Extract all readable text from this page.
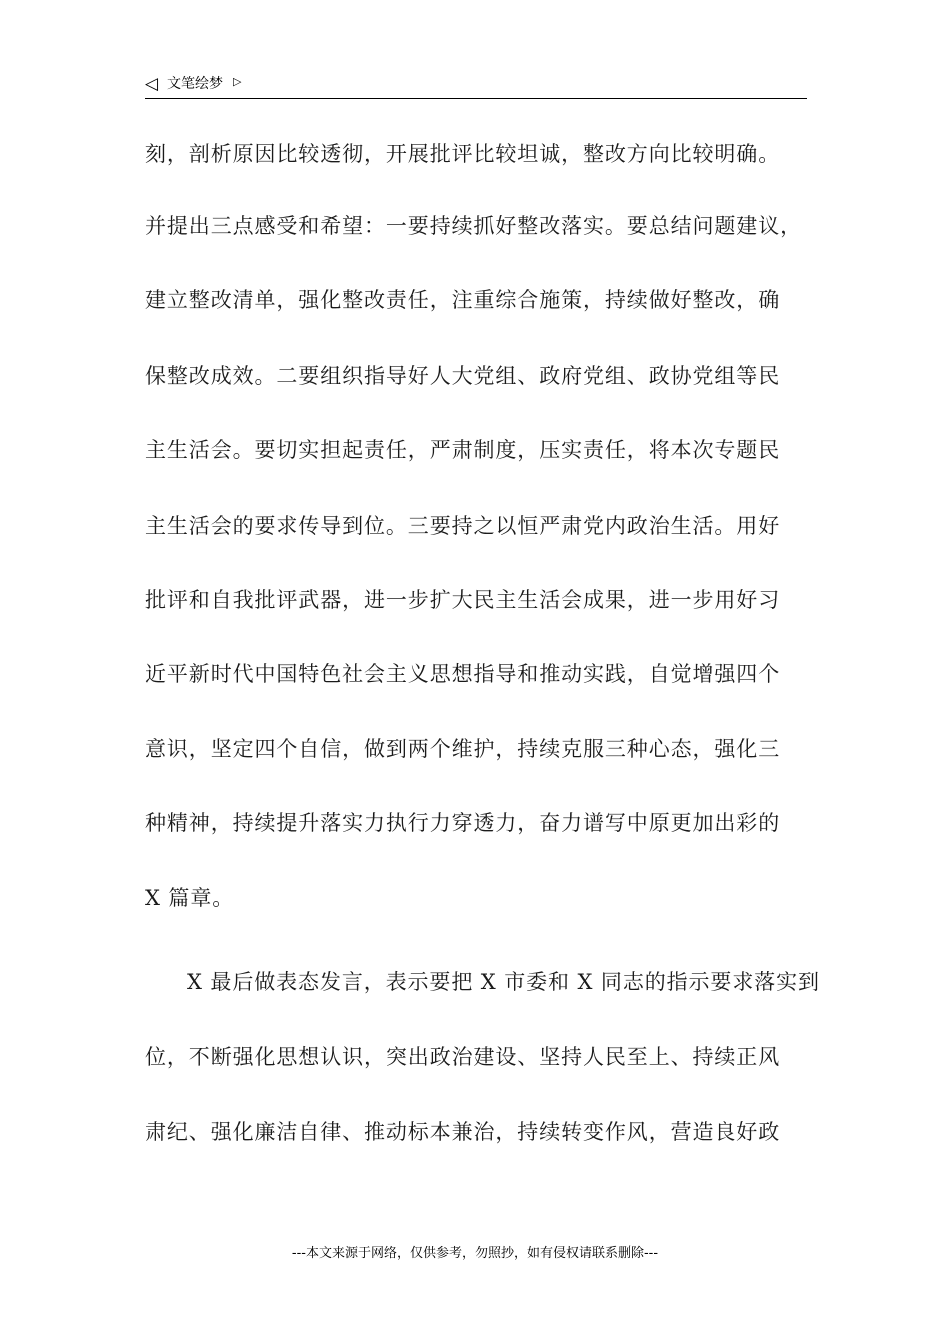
◁ 文笔绘梦 ▷
刻，剖析原因比较透彻，开展批评比较坦诚，整改方向比较明确。
并提出三点感受和希望：一要持续抓好整改落实。要总结问题建议，
建立整改清单，强化整改责任，注重综合施策，持续做好整改，确
保整改成效。二要组织指导好人大党组、政府党组、政协党组等民
主生活会。要切实担起责任，严肃制度，压实责任，将本次专题民
主生活会的要求传导到位。三要持之以恒严肃党内政治生活。用好
批评和自我批评武器，进一步扩大民主生活会成果，进一步用好习
近平新时代中国特色社会主义思想指导和推动实践，自觉增强四个
意识，坚定四个自信，做到两个维护，持续克服三种心态，强化三
种精神，持续提升落实力执行力穿透力，奋力谱写中原更加出彩的
X 篇章。
X 最后做表态发言，表示要把 X 市委和 X 同志的指示要求落实到
位，不断强化思想认识，突出政治建设、坚持人民至上、持续正风
肃纪、强化廉洁自律、推动标本兼治，持续转变作风，营造良好政
---本文来源于网络，仅供参考，勿照抄，如有侵权请联系删除---
